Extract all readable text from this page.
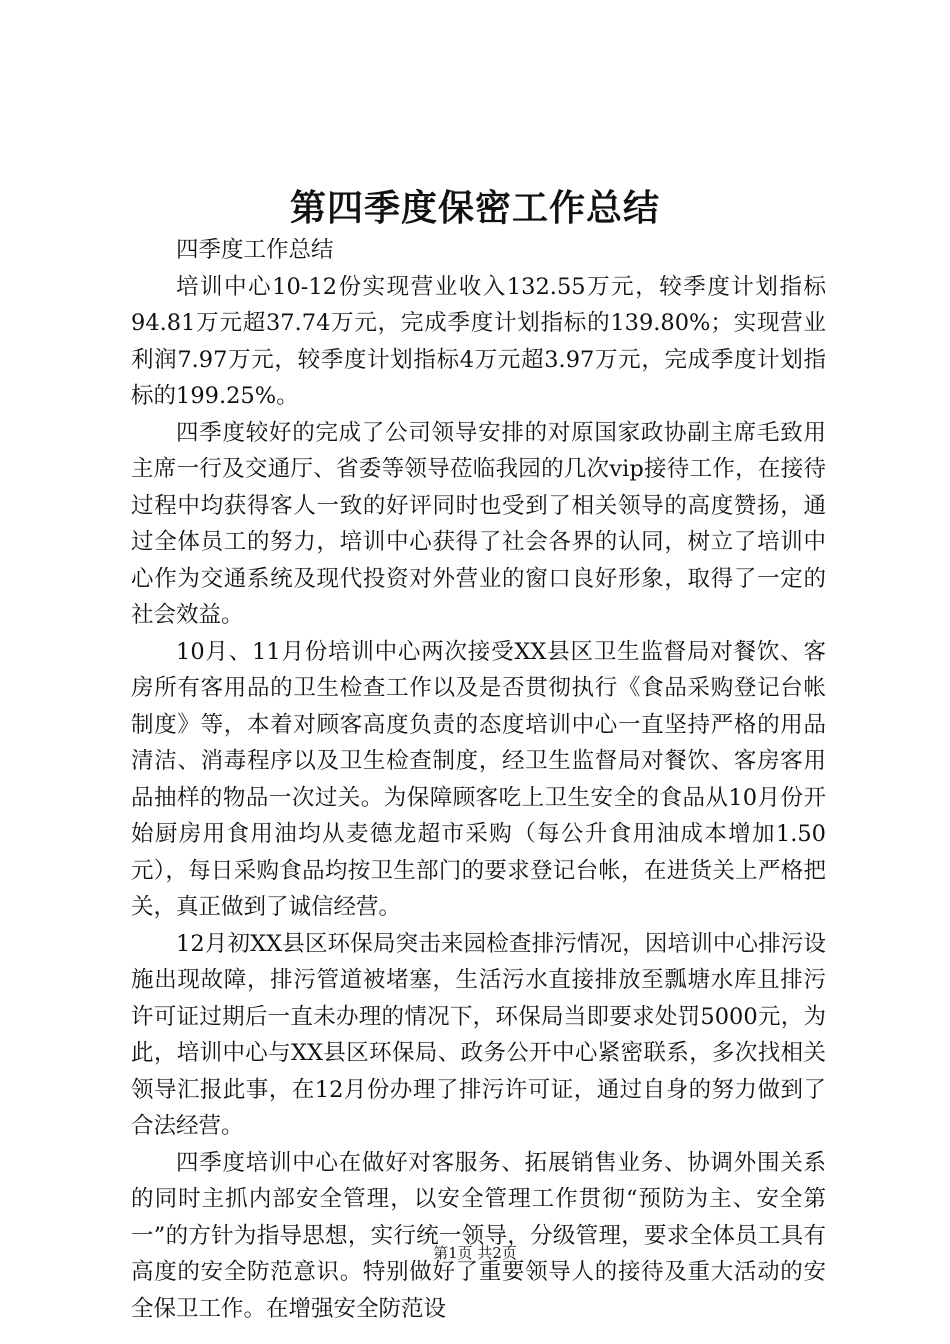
第四季度保密工作总结

四季度工作总结

培训中心10-12份实现营业收入132.55万元，较季度计划指标94.81万元超37.74万元，完成季度计划指标的139.80%；实现营业利润7.97万元，较季度计划指标4万元超3.97万元，完成季度计划指标的199.25%。

四季度较好的完成了公司领导安排的对原国家政协副主席毛致用主席一行及交通厅、省委等领导莅临我园的几次vip接待工作，在接待过程中均获得客人一致的好评同时也受到了相关领导的高度赞扬，通过全体员工的努力，培训中心获得了社会各界的认同，树立了培训中心作为交通系统及现代投资对外营业的窗口良好形象，取得了一定的社会效益。

10月、11月份培训中心两次接受XX县区卫生监督局对餐饮、客房所有客用品的卫生检查工作以及是否贯彻执行《食品采购登记台帐制度》等，本着对顾客高度负责的态度培训中心一直坚持严格的用品清洁、消毒程序以及卫生检查制度，经卫生监督局对餐饮、客房客用品抽样的物品一次过关。为保障顾客吃上卫生安全的食品从10月份开始厨房用食用油均从麦德龙超市采购（每公升食用油成本增加1.50元），每日采购食品均按卫生部门的要求登记台帐，在进货关上严格把关，真正做到了诚信经营。

12月初XX县区环保局突击来园检查排污情况，因培训中心排污设施出现故障，排污管道被堵塞，生活污水直接排放至瓢塘水库且排污许可证过期后一直未办理的情况下，环保局当即要求处罚5000元，为此，培训中心与XX县区环保局、政务公开中心紧密联系，多次找相关领导汇报此事，在12月份办理了排污许可证，通过自身的努力做到了合法经营。

四季度培训中心在做好对客服务、拓展销售业务、协调外围关系的同时主抓内部安全管理，以安全管理工作贯彻“预防为主、安全第一”的方针为指导思想，实行统一领导，分级管理，要求全体员工具有高度的安全防范意识。特别做好了重要领导人的接待及重大活动的安全保卫工作。在增强安全防范设

第1页 共2页
